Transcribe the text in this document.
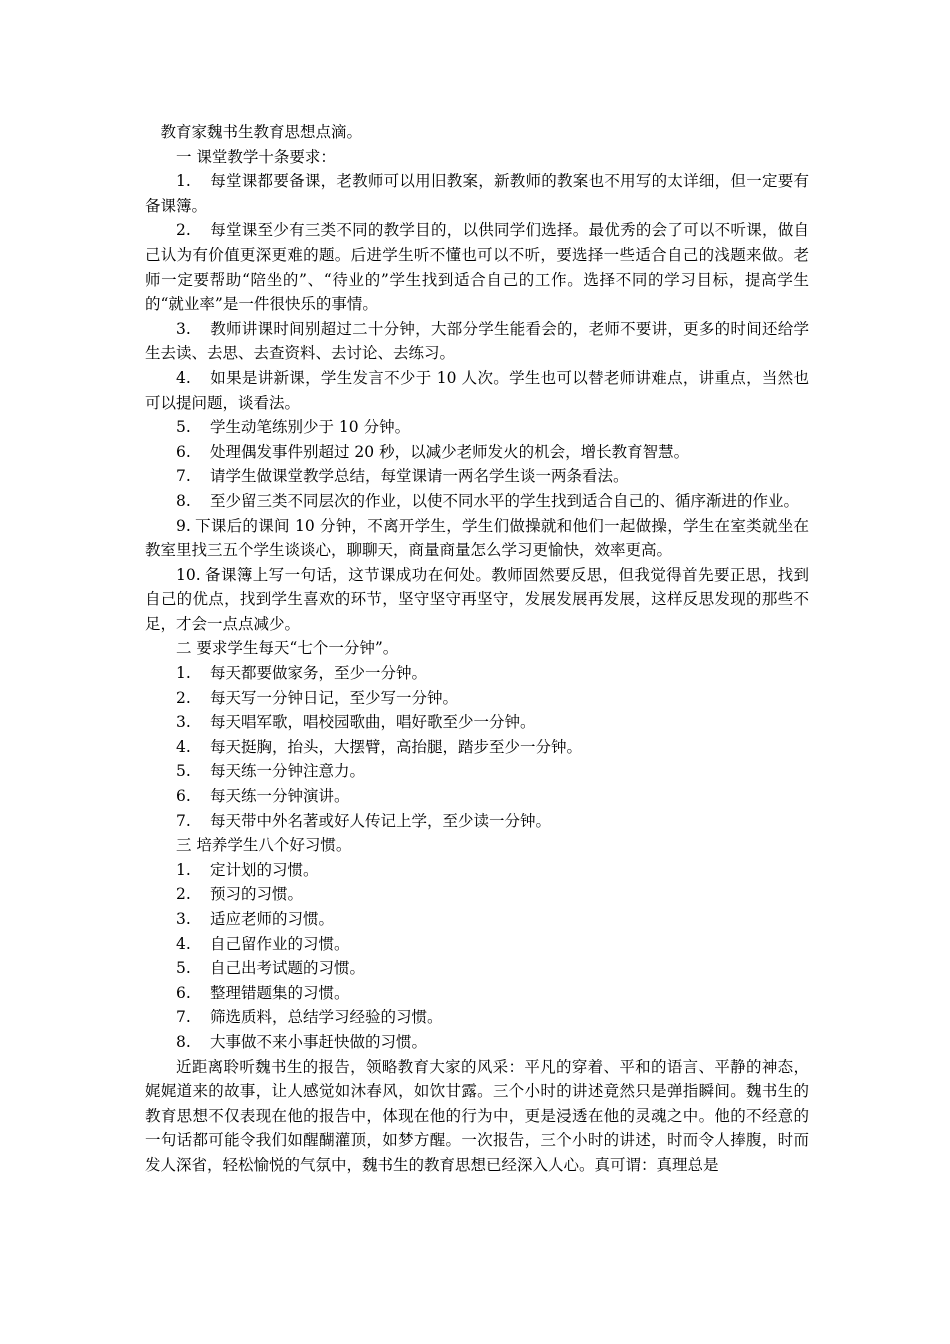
教育家魏书生教育思想点滴。

一 课堂教学十条要求：

1. 每堂课都要备课，老教师可以用旧教案，新教师的教案也不用写的太详细，但一定要有备课簿。

2. 每堂课至少有三类不同的教学目的，以供同学们选择。最优秀的会了可以不听课，做自己认为有价值更深更难的题。后进学生听不懂也可以不听，要选择一些适合自己的浅题来做。老师一定要帮助“陪坐的”、“待业的”学生找到适合自己的工作。选择不同的学习目标，提高学生的“就业率”是一件很快乐的事情。

3. 教师讲课时间别超过二十分钟，大部分学生能看会的，老师不要讲，更多的时间还给学生去读、去思、去查资料、去讨论、去练习。

4. 如果是讲新课，学生发言不少于 10 人次。学生也可以替老师讲难点，讲重点，当然也可以提问题，谈看法。

5. 学生动笔练别少于 10 分钟。

6. 处理偶发事件别超过 20 秒，以减少老师发火的机会，增长教育智慧。

7. 请学生做课堂教学总结，每堂课请一两名学生谈一两条看法。

8. 至少留三类不同层次的作业，以使不同水平的学生找到适合自己的、循序渐进的作业。

9. 下课后的课间 10 分钟，不离开学生，学生们做操就和他们一起做操，学生在室类就坐在教室里找三五个学生谈谈心，聊聊天，商量商量怎么学习更愉快，效率更高。

10. 备课簿上写一句话，这节课成功在何处。教师固然要反思，但我觉得首先要正思，找到自己的优点，找到学生喜欢的环节，坚守坚守再坚守，发展发展再发展，这样反思发现的那些不足，才会一点点减少。

二 要求学生每天“七个一分钟”。

1. 每天都要做家务，至少一分钟。

2. 每天写一分钟日记，至少写一分钟。

3. 每天唱军歌，唱校园歌曲，唱好歌至少一分钟。

4. 每天挺胸，抬头，大摆臂，高抬腿，踏步至少一分钟。

5. 每天练一分钟注意力。

6. 每天练一分钟演讲。

7. 每天带中外名著或好人传记上学，至少读一分钟。

三 培养学生八个好习惯。

1. 定计划的习惯。

2. 预习的习惯。

3. 适应老师的习惯。

4. 自己留作业的习惯。

5. 自己出考试题的习惯。

6. 整理错题集的习惯。

7. 筛选质料，总结学习经验的习惯。

8. 大事做不来小事赶快做的习惯。

近距离聆听魏书生的报告，领略教育大家的风采：平凡的穿着、平和的语言、平静的神态，娓娓道来的故事，让人感觉如沐春风，如饮甘露。三个小时的讲述竟然只是弹指瞬间。魏书生的教育思想不仅表现在他的报告中，体现在他的行为中，更是浸透在他的灵魂之中。他的不经意的一句话都可能令我们如醒醐灌顶，如梦方醒。一次报告，三个小时的讲述，时而令人捧腹，时而发人深省，轻松愉悦的气氛中，魏书生的教育思想已经深入人心。真可谓：真理总是
